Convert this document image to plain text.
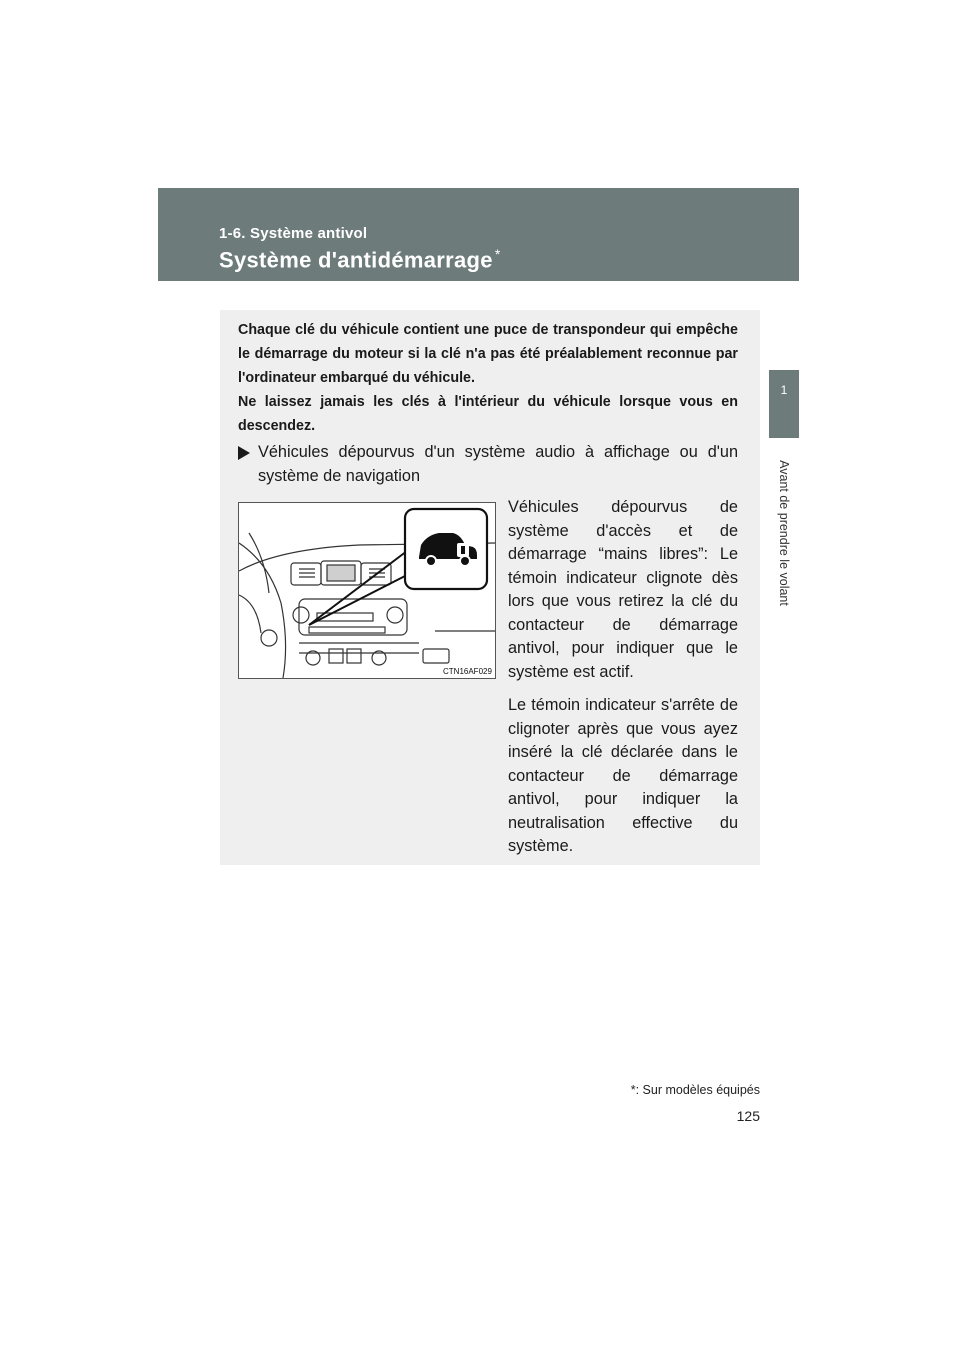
1-6. Système antivol
Système d'antidémarrage *
1
Avant de prendre le volant

Chaque clé du véhicule contient une puce de transpondeur qui empêche le démarrage du moteur si la clé n'a pas été préalablement reconnue par l'ordinateur embarqué du véhicule.

Ne laissez jamais les clés à l'intérieur du véhicule lorsque vous en descendez.

Véhicules dépourvus d'un système audio à affichage ou d'un système de navigation
CTN16AF029

Véhicules dépourvus de système d'accès et de démarrage “mains libres”: Le témoin indicateur clignote dès lors que vous retirez la clé du contacteur de démarrage antivol, pour indiquer que le système est actif.

Le témoin indicateur s'arrête de clignoter après que vous ayez inséré la clé déclarée dans le contacteur de démarrage antivol, pour indiquer la neutralisation effective du système.

*: Sur modèles équipés
125
